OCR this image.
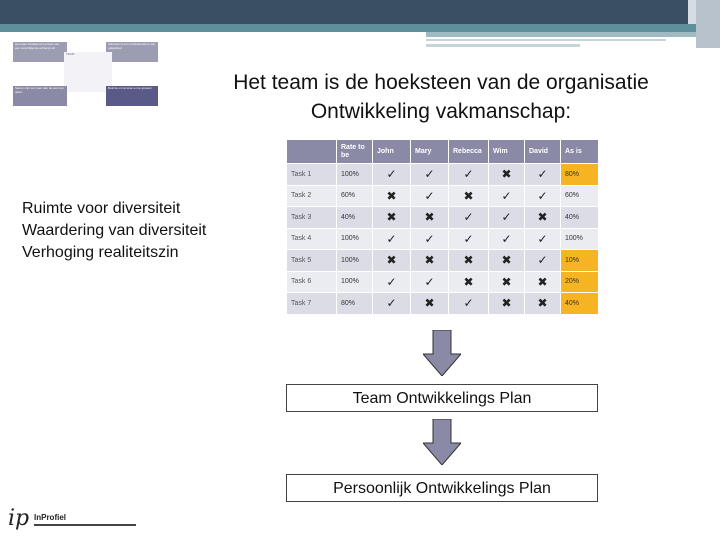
Het team bestaat uit mensen met een verschillende achtergrond
Iedereen is een professional op zijn vakgebied
TEAM
Samen zijn we meer dan de som der delen
Ruimte om te leren en te groeien	Het team is de hoeksteen van de organisatie
Ontwikkeling vakmanschap:
Ruimte voor diversiteit
Waardering van diversiteit
Verhoging realiteitszin
	Rate to be	John	Mary	Rebecca	Wim	David	As is
Task 1	100%	✓	✓	✓	✖	✓	80%
Task 2	60%	✖	✓	✖	✓	✓	60%
Task 3	40%	✖	✖	✓	✓	✖	40%
Task 4	100%	✓	✓	✓	✓	✓	100%
Task 5	100%	✖	✖	✖	✖	✓	10%
Task 6	100%	✓	✓	✖	✖	✖	20%
Task 7	80%	✓	✖	✓	✖	✖	40%
Team Ontwikkelings Plan
Persoonlijk Ontwikkelings Plan
ip InProfiel
